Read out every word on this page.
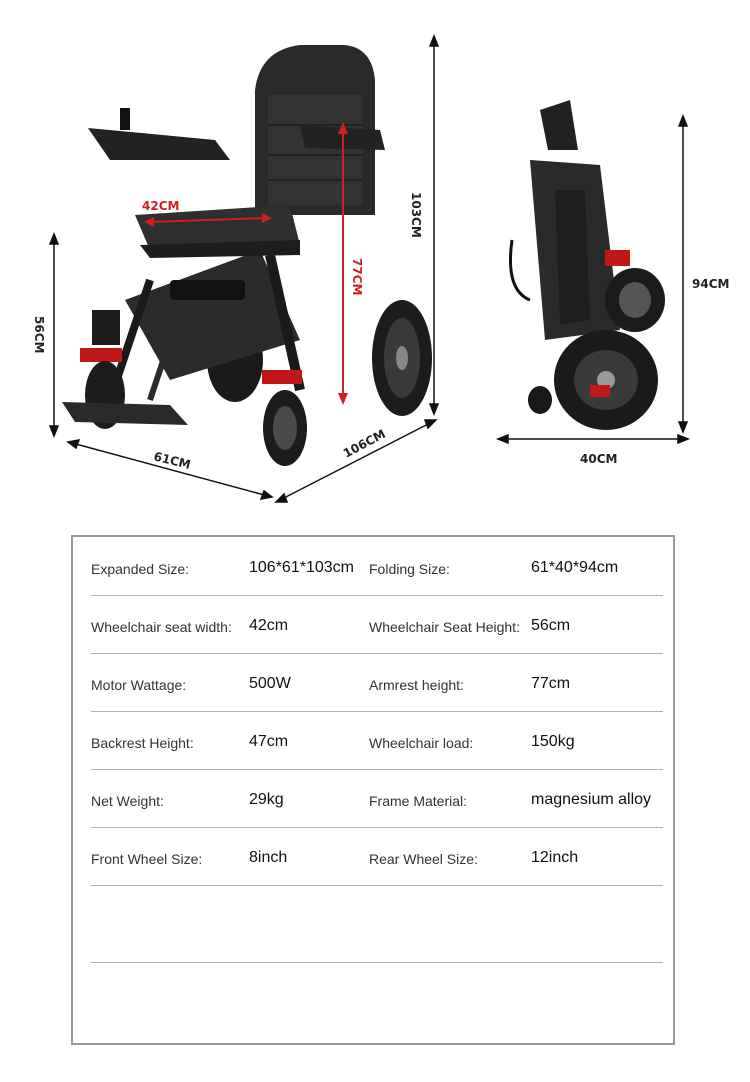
42CM
77CM
103CM
56CM
61CM
106CM
94CM
40CM
Expanded Size:	106*61*103cm Folding Size:	61*40*94cm
Wheelchair seat width: 42cm	Wheelchair Seat Height: 56cm
Motor Wattage:	500W	Armrest height:	77cm
Backrest Height:	47cm	Wheelchair load:	150kg
Net Weight:	29kg	Frame Material:	magnesium alloy
Front Wheel Size:	8inch	Rear Wheel Size:	12inch
